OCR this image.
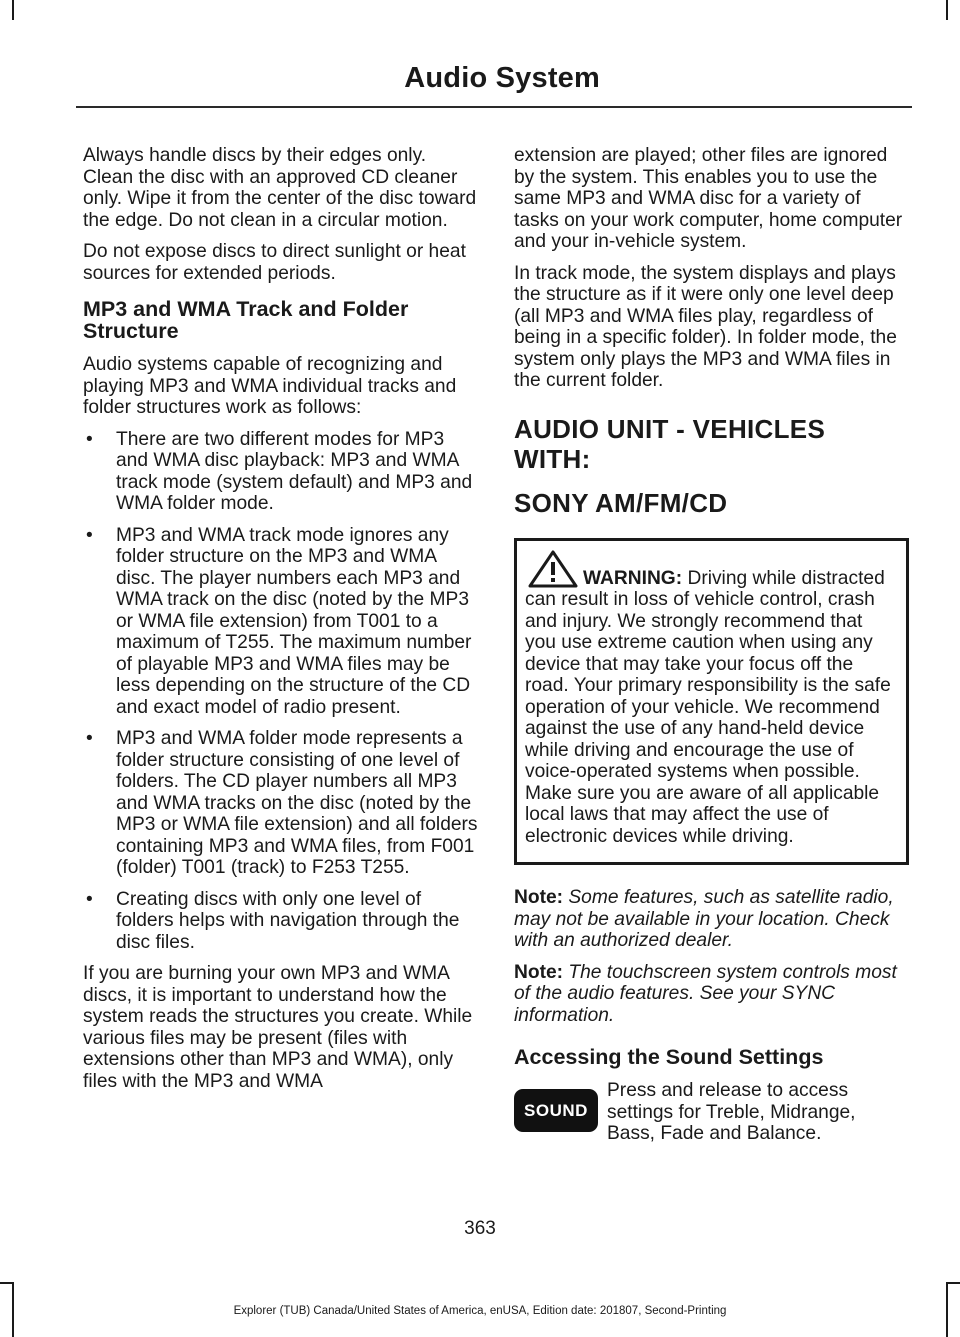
Audio System

Always handle discs by their edges only. Clean the disc with an approved CD cleaner only. Wipe it from the center of the disc toward the edge. Do not clean in a circular motion.

Do not expose discs to direct sunlight or heat sources for extended periods.

MP3 and WMA Track and Folder Structure

Audio systems capable of recognizing and playing MP3 and WMA individual tracks and folder structures work as follows:

• There are two different modes for MP3 and WMA disc playback: MP3 and WMA track mode (system default) and MP3 and WMA folder mode.
• MP3 and WMA track mode ignores any folder structure on the MP3 and WMA disc. The player numbers each MP3 and WMA track on the disc (noted by the MP3 or WMA file extension) from T001 to a maximum of T255. The maximum number of playable MP3 and WMA files may be less depending on the structure of the CD and exact model of radio present.
• MP3 and WMA folder mode represents a folder structure consisting of one level of folders. The CD player numbers all MP3 and WMA tracks on the disc (noted by the MP3 or WMA file extension) and all folders containing MP3 and WMA files, from F001 (folder) T001 (track) to F253 T255.
• Creating discs with only one level of folders helps with navigation through the disc files.

If you are burning your own MP3 and WMA discs, it is important to understand how the system reads the structures you create. While various files may be present (files with extensions other than MP3 and WMA), only files with the MP3 and WMA

extension are played; other files are ignored by the system. This enables you to use the same MP3 and WMA disc for a variety of tasks on your work computer, home computer and your in-vehicle system.

In track mode, the system displays and plays the structure as if it were only one level deep (all MP3 and WMA files play, regardless of being in a specific folder). In folder mode, the system only plays the MP3 and WMA files in the current folder.

AUDIO UNIT - VEHICLES WITH:
SONY AM/FM/CD

WARNING: Driving while distracted can result in loss of vehicle control, crash and injury. We strongly recommend that you use extreme caution when using any device that may take your focus off the road. Your primary responsibility is the safe operation of your vehicle. We recommend against the use of any hand-held device while driving and encourage the use of voice-operated systems when possible. Make sure you are aware of all applicable local laws that may affect the use of electronic devices while driving.

Note: Some features, such as satellite radio, may not be available in your location. Check with an authorized dealer.

Note: The touchscreen system controls most of the audio features. See your SYNC information.

Accessing the Sound Settings
SOUND

Press and release to access settings for Treble, Midrange, Bass, Fade and Balance.

363
Explorer (TUB) Canada/United States of America, enUSA, Edition date: 201807, Second-Printing
